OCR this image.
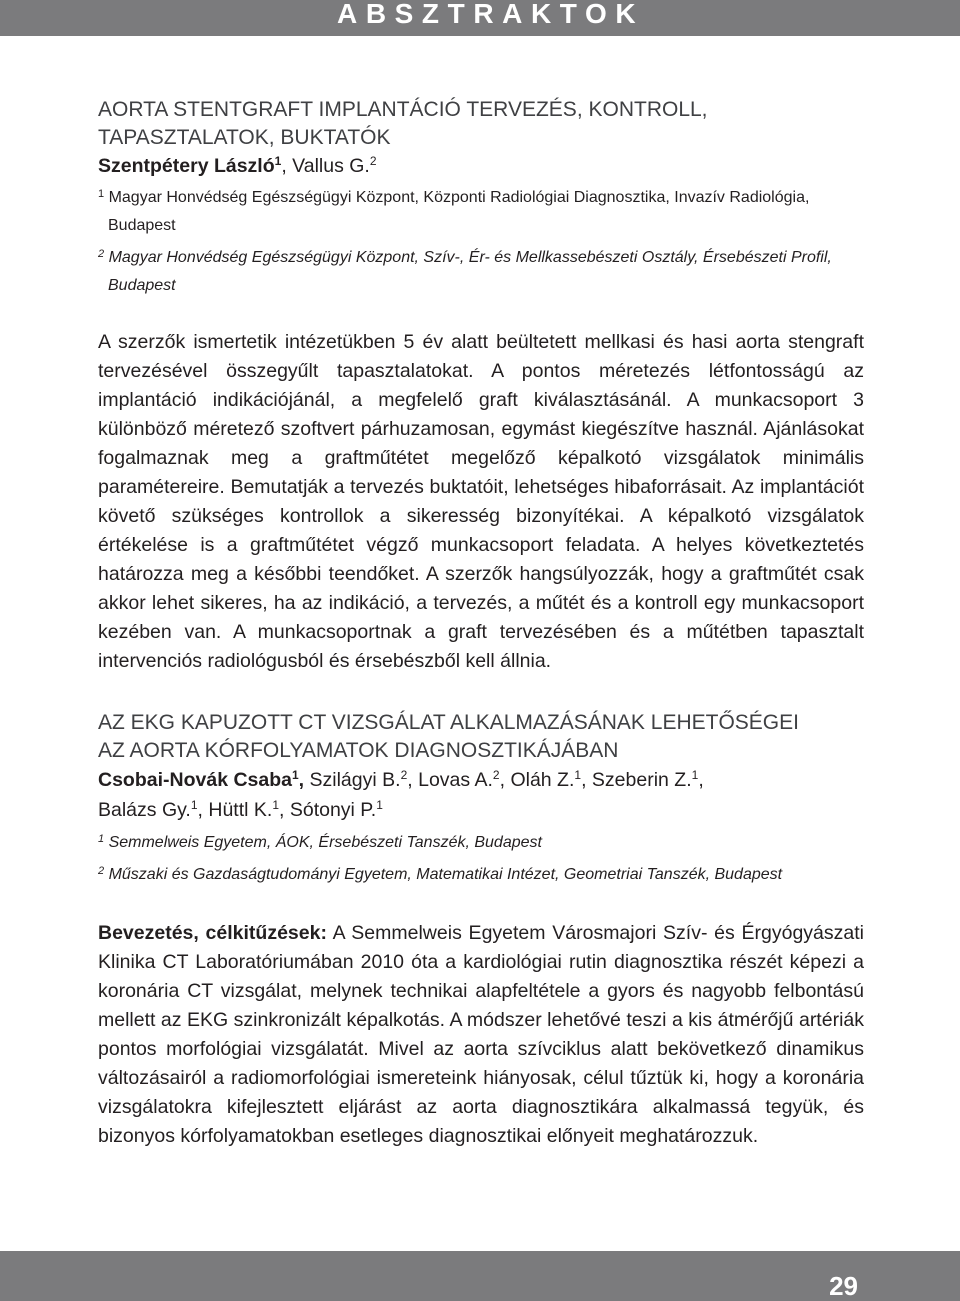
ABSZTRAKTOK
AORTA STENTGRAFT IMPLANTÁCIÓ TERVEZÉS, KONTROLL,
TAPASZTALATOK, BUKTATÓK

Szentpétery László$^1$, Vallus G.$^2$

$^1$ Magyar Honvédség Egészségügyi Központ, Központi Radiológiai Diagnosztika, Invazív Radiológia, Budapest

$^2$ Magyar Honvédség Egészségügyi Központ, Szív-, Ér- és Mellkassebészeti Osztály, Érsebészeti Profil, Budapest

A szerzők ismertetik intézetükben 5 év alatt beültetett mellkasi és hasi aorta stengraft tervezésével összegyűlt tapasztalatokat. A pontos méretezés létfontosságú az implantáció indikációjánál, a megfelelő graft kiválasztásánál. A munkacsoport 3 különböző méretező szoftvert párhuzamosan, egymást kiegészítve használ. Ajánlásokat fogalmaznak meg a graftműtétet megelőző képalkotó vizsgálatok minimális paramétereire. Bemutatják a tervezés buktatóit, lehetséges hibaforrásait. Az implantációt követő szükséges kontrollok a sikeresség bizonyítékai. A képalkotó vizsgálatok értékelése is a graftműtétet végző munkacsoport feladata. A helyes következtetés határozza meg a későbbi teendőket. A szerzők hangsúlyozzák, hogy a graftműtét csak akkor lehet sikeres, ha az indikáció, a tervezés, a műtét és a kontroll egy munkacsoport kezében van. A munkacsoportnak a graft tervezésében és a műtétben tapasztalt intervenciós radiológusból és érsebészből kell állnia.

AZ EKG KAPUZOTT CT VIZSGÁLAT ALKALMAZÁSÁNAK LEHETŐSÉGEI
AZ AORTA KÓRFOLYAMATOK DIAGNOSZTIKÁJÁBAN

Csobai-Novák Csaba$^1$, Szilágyi B.$^2$, Lovas A.$^2$, Oláh Z.$^1$, Szeberin Z.$^1$,
Balázs Gy.$^1$, Hüttl K.$^1$, Sótonyi P.$^1$

$^1$ Semmelweis Egyetem, ÁOK, Érsebészeti Tanszék, Budapest

$^2$ Műszaki és Gazdaságtudományi Egyetem, Matematikai Intézet, Geometriai Tanszék, Budapest

Bevezetés, célkitűzések: A Semmelweis Egyetem Városmajori Szív- és Érgyógyászati Klinika CT Laboratóriumában 2010 óta a kardiológiai rutin diagnosztika részét képezi a koronária CT vizsgálat, melynek technikai alapfeltétele a gyors és nagyobb felbontású mellett az EKG szinkronizált képalkotás. A módszer lehetővé teszi a kis átmérőjű artériák pontos morfológiai vizsgálatát. Mivel az aorta szívciklus alatt bekövetkező dinamikus változásairól a radiomorfológiai ismereteink hiányosak, célul tűztük ki, hogy a koronária vizsgálatokra kifejlesztett eljárást az aorta diagnosztikára alkalmassá tegyük, és bizonyos kórfolyamatokban esetleges diagnosztikai előnyeit meghatározzuk.

29
